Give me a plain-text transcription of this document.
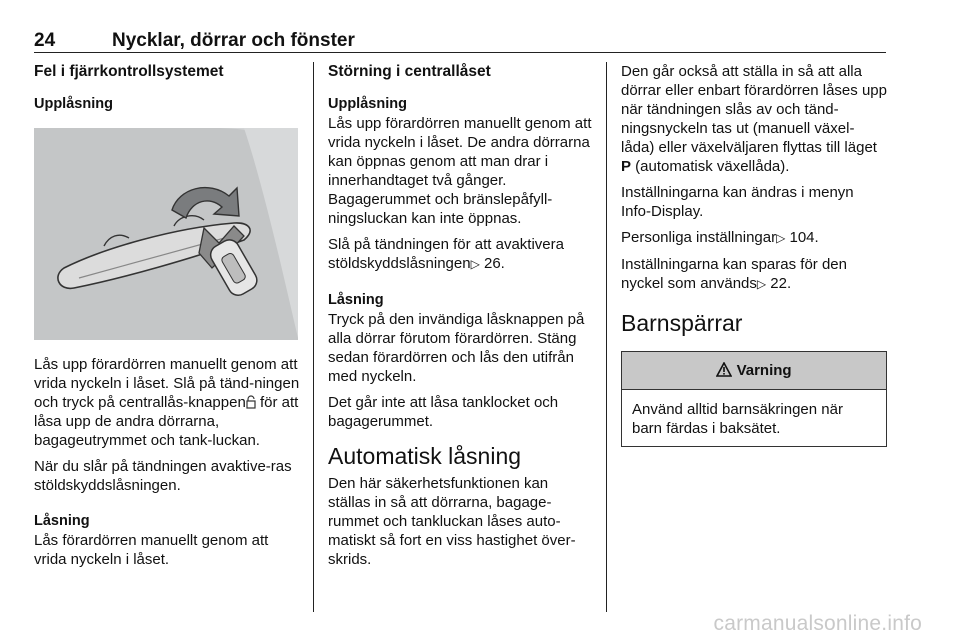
24	Nycklar, dörrar och fönster
Fel i fjärrkontrollsystemet
Upplåsning

Lås upp förardörren manuellt genom att vrida nyckeln i låset. Slå på tänd-ningen och tryck på centrallås-knappen för att låsa upp de andra dörrarna, bagageutrymmet och tank-luckan.

När du slår på tändningen avaktive-ras stöldskyddslåsningen.

Låsning

Lås förardörren manuellt genom att vrida nyckeln i låset.

Störning i centrallåset
Upplåsning

Lås upp förardörren manuellt genom att vrida nyckeln i låset. De andra dörrarna kan öppnas genom att man drar i innerhandtaget två gånger. Bagagerummet och bränslepåfyll-ningsluckan kan inte öppnas.

Slå på tändningen för att avaktivera stöldskyddslåsningen▷ 26.

Låsning

Tryck på den invändiga låsknappen på alla dörrar förutom förardörren. Stäng sedan förardörren och lås den utifrån med nyckeln.

Det går inte att låsa tanklocket och bagagerummet.

Automatisk låsning

Den här säkerhetsfunktionen kan ställas in så att dörrarna, bagage-rummet och tankluckan låses auto-matiskt så fort en viss hastighet över-skrids.

Den går också att ställa in så att alla dörrar eller enbart förardörren låses upp när tändningen slås av och tänd-ningsnyckeln tas ut (manuell växel-låda) eller växelväljaren flyttas till läget P (automatisk växellåda).

Inställningarna kan ändras i menyn Info-Display.

Personliga inställningar▷ 104.

Inställningarna kan sparas för den nyckel som används▷ 22.

Barnspärrar
Varning
Använd alltid barnsäkringen när barn färdas i baksätet.
carmanualsonline.info
